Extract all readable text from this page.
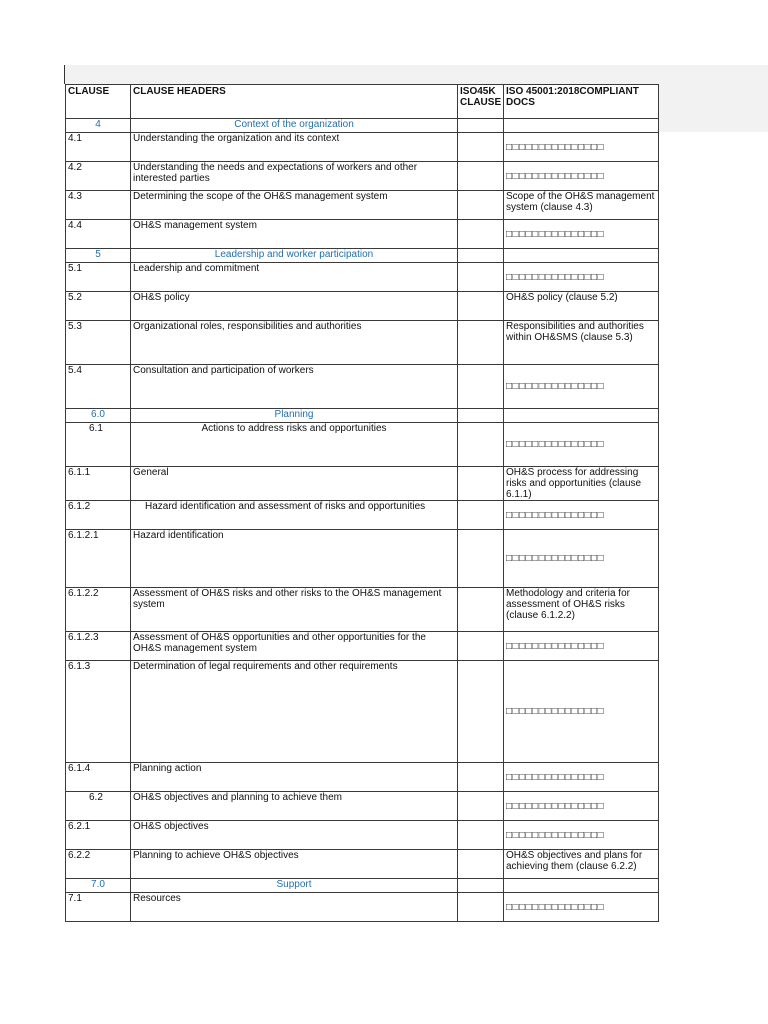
CLAUSE	CLAUSE HEADERS	ISO45K CLAUSE	ISO 45001:2018COMPLIANT DOCS
4	Context of the organization		
4.1	Understanding the organization and its context		□□□□□□□□□□□□□□□
4.2	Understanding the needs and expectations of workers and other interested parties		□□□□□□□□□□□□□□□
4.3	Determining the scope of the OH&S management system		Scope of the OH&S management system (clause 4.3)
4.4	OH&S management system		□□□□□□□□□□□□□□□
5	Leadership and worker participation		
5.1	Leadership and commitment		□□□□□□□□□□□□□□□
5.2	OH&S policy		OH&S policy (clause 5.2)
5.3	Organizational roles, responsibilities and authorities		Responsibilities and authorities within OH&SMS (clause 5.3)
5.4	Consultation and participation of workers		□□□□□□□□□□□□□□□
6.0	Planning		
6.1	Actions to address risks and opportunities		□□□□□□□□□□□□□□□
6.1.1	General		OH&S process for addressing risks and opportunities (clause 6.1.1)
6.1.2	Hazard identification and assessment of risks and opportunities		□□□□□□□□□□□□□□□
6.1.2.1	Hazard identification		□□□□□□□□□□□□□□□
6.1.2.2	Assessment of OH&S risks and other risks to the OH&S management system		Methodology and criteria for assessment of OH&S risks (clause 6.1.2.2)
6.1.2.3	Assessment of OH&S opportunities and other opportunities for the OH&S management system		□□□□□□□□□□□□□□□
6.1.3	Determination of legal requirements and other requirements		□□□□□□□□□□□□□□□
6.1.4	Planning action		□□□□□□□□□□□□□□□
6.2	OH&S objectives and planning to achieve them		□□□□□□□□□□□□□□□
6.2.1	OH&S objectives		□□□□□□□□□□□□□□□
6.2.2	Planning to achieve OH&S objectives		OH&S objectives and plans for achieving them (clause 6.2.2)
7.0	Support		
7.1	Resources		□□□□□□□□□□□□□□□
